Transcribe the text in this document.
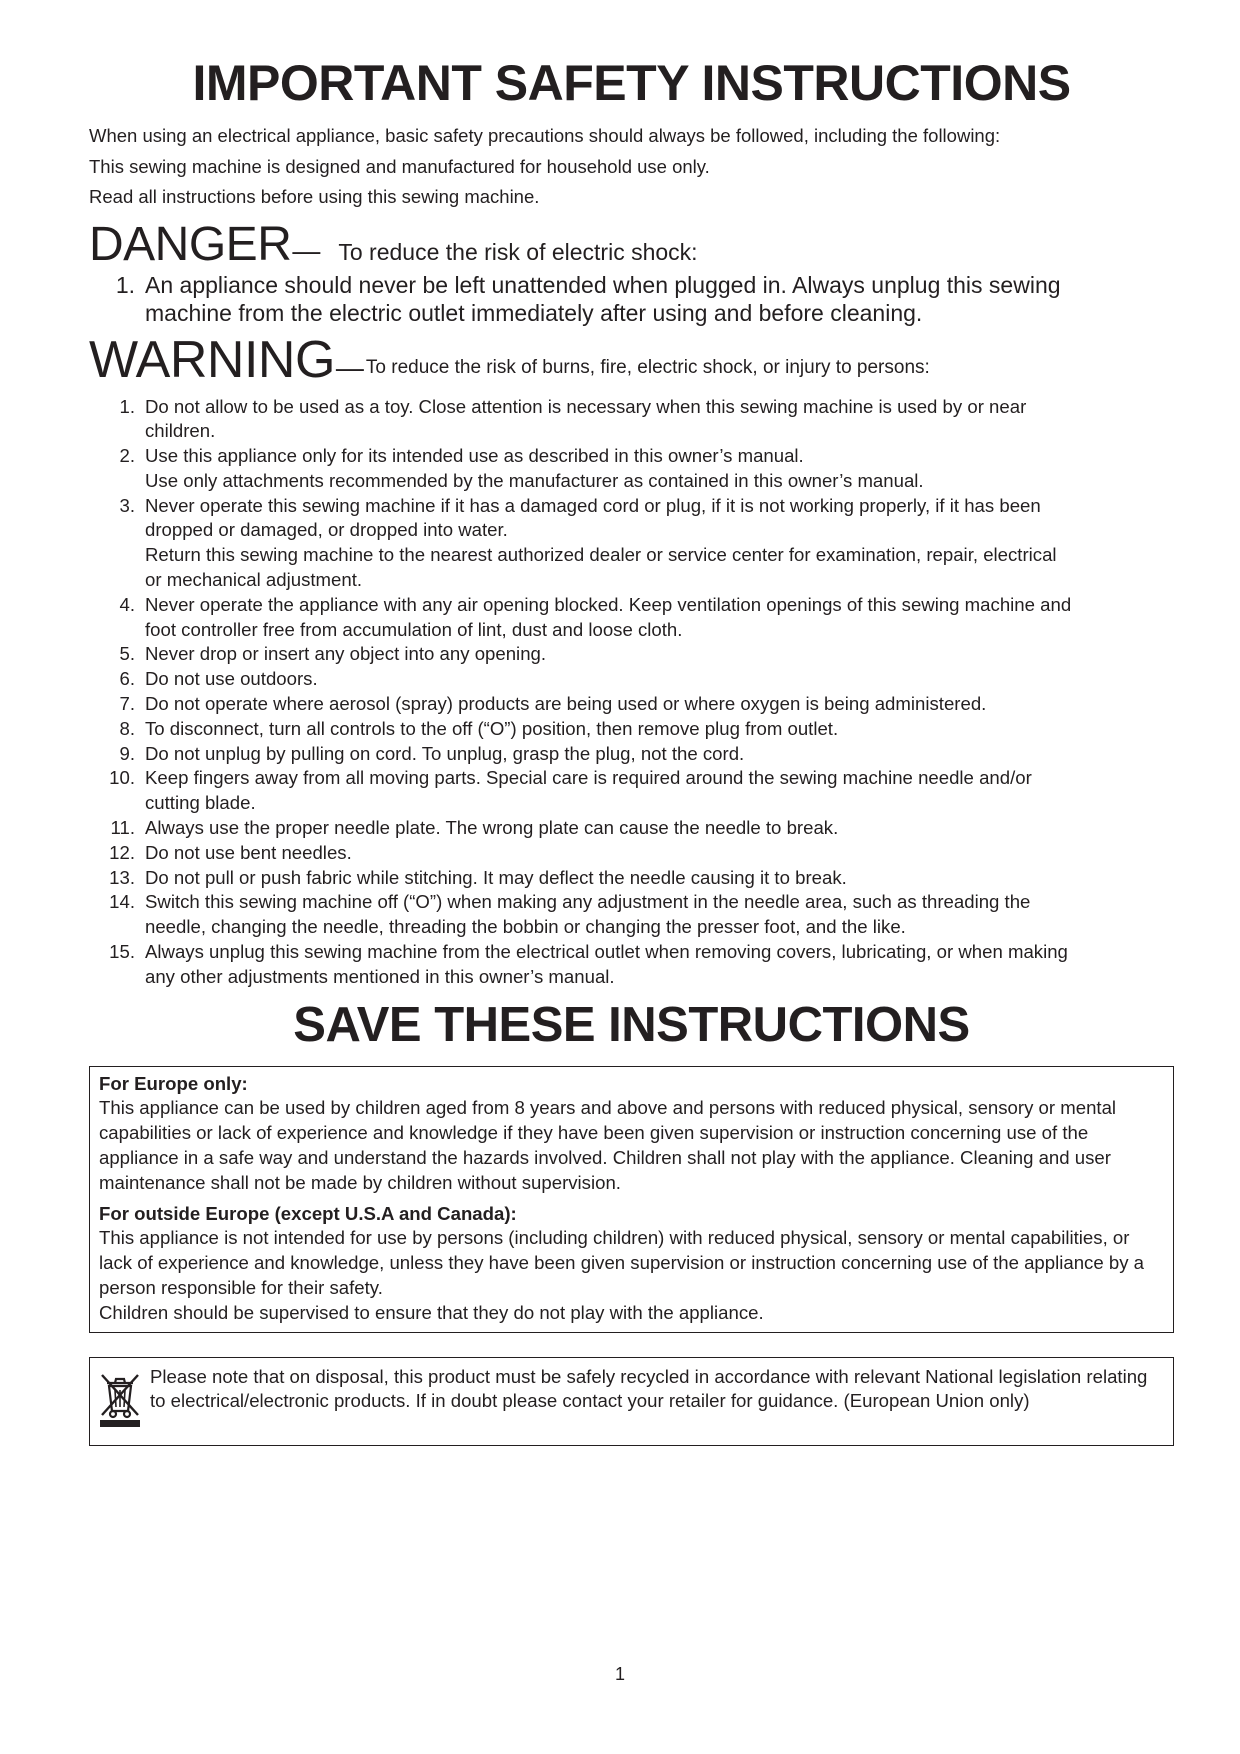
IMPORTANT SAFETY INSTRUCTIONS

When using an electrical appliance, basic safety precautions should always be followed, including the following:

This sewing machine is designed and manufactured for household use only.

Read all instructions before using this sewing machine.

DANGER — To reduce the risk of electric shock:
1. An appliance should never be left unattended when plugged in. Always unplug this sewing
machine from the electric outlet immediately after using and before cleaning.
WARNING — To reduce the risk of burns, fire, electric shock, or injury to persons:
1. Do not allow to be used as a toy. Close attention is necessary when this sewing machine is used by or near
children.
2. Use this appliance only for its intended use as described in this owner’s manual.
Use only attachments recommended by the manufacturer as contained in this owner’s manual.
3. Never operate this sewing machine if it has a damaged cord or plug, if it is not working properly, if it has been
dropped or damaged, or dropped into water.
Return this sewing machine to the nearest authorized dealer or service center for examination, repair, electrical
or mechanical adjustment.
4. Never operate the appliance with any air opening blocked. Keep ventilation openings of this sewing machine and
foot controller free from accumulation of lint, dust and loose cloth.
5. Never drop or insert any object into any opening.
6. Do not use outdoors.
7. Do not operate where aerosol (spray) products are being used or where oxygen is being administered.
8. To disconnect, turn all controls to the off (“O”) position, then remove plug from outlet.
9. Do not unplug by pulling on cord. To unplug, grasp the plug, not the cord.
10. Keep fingers away from all moving parts. Special care is required around the sewing machine needle and/or
cutting blade.
11. Always use the proper needle plate. The wrong plate can cause the needle to break.
12. Do not use bent needles.
13. Do not pull or push fabric while stitching. It may deflect the needle causing it to break.
14. Switch this sewing machine off (“O”) when making any adjustment in the needle area, such as threading the
needle, changing the needle, threading the bobbin or changing the presser foot, and the like.
15. Always unplug this sewing machine from the electrical outlet when removing covers, lubricating, or when making
any other adjustments mentioned in this owner’s manual.
SAVE THESE INSTRUCTIONS
For Europe only:

This appliance can be used by children aged from 8 years and above and persons with reduced physical, sensory or mental capabilities or lack of experience and knowledge if they have been given supervision or instruction concerning use of the appliance in a safe way and understand the hazards involved. Children shall not play with the appliance. Cleaning and user maintenance shall not be made by children without supervision.

For outside Europe (except U.S.A and Canada):

This appliance is not intended for use by persons (including children) with reduced physical, sensory or mental capabilities, or lack of experience and knowledge, unless they have been given supervision or instruction concerning use of the appliance by a person responsible for their safety.

Children should be supervised to ensure that they do not play with the appliance.

Please note that on disposal, this product must be safely recycled in accordance with relevant National legislation relating to electrical/electronic products. If in doubt please contact your retailer for guidance. (European Union only)
1
